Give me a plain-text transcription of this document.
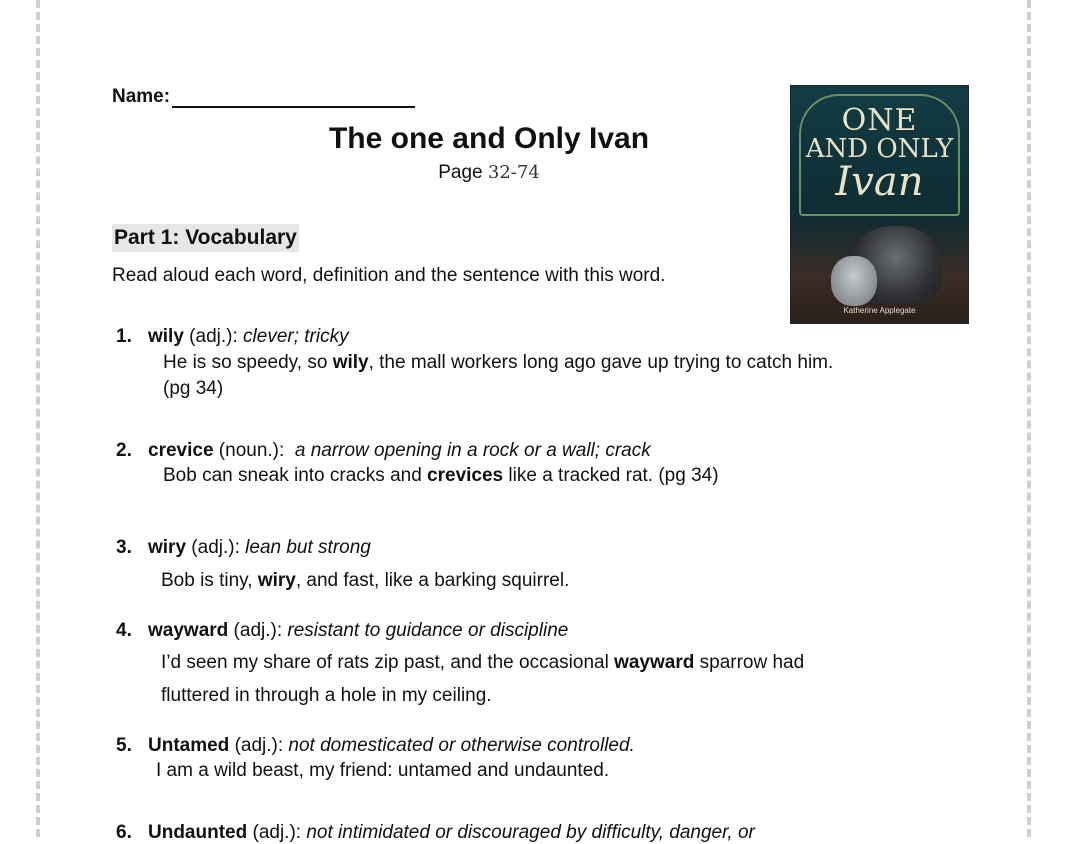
Name:
The one and Only Ivan
Page 32-74
ONE
AND ONLY
Ivan
Katherine Applegate
Part 1: Vocabulary
Read aloud each word, definition and the sentence with this word.
1. wily (adj.): clever; tricky
He is so speedy, so wily, the mall workers long ago gave up trying to catch him.
(pg 34)
2. crevice (noun.):  a narrow opening in a rock or a wall; crack
Bob can sneak into cracks and crevices like a tracked rat. (pg 34)
3. wiry (adj.): lean but strong
Bob is tiny, wiry, and fast, like a barking squirrel.
4. wayward (adj.): resistant to guidance or discipline
I’d seen my share of rats zip past, and the occasional wayward sparrow had
fluttered in through a hole in my ceiling.
5. Untamed (adj.): not domesticated or otherwise controlled.
I am a wild beast, my friend: untamed and undaunted.
6. Undaunted (adj.): not intimidated or discouraged by difficulty, danger, or
